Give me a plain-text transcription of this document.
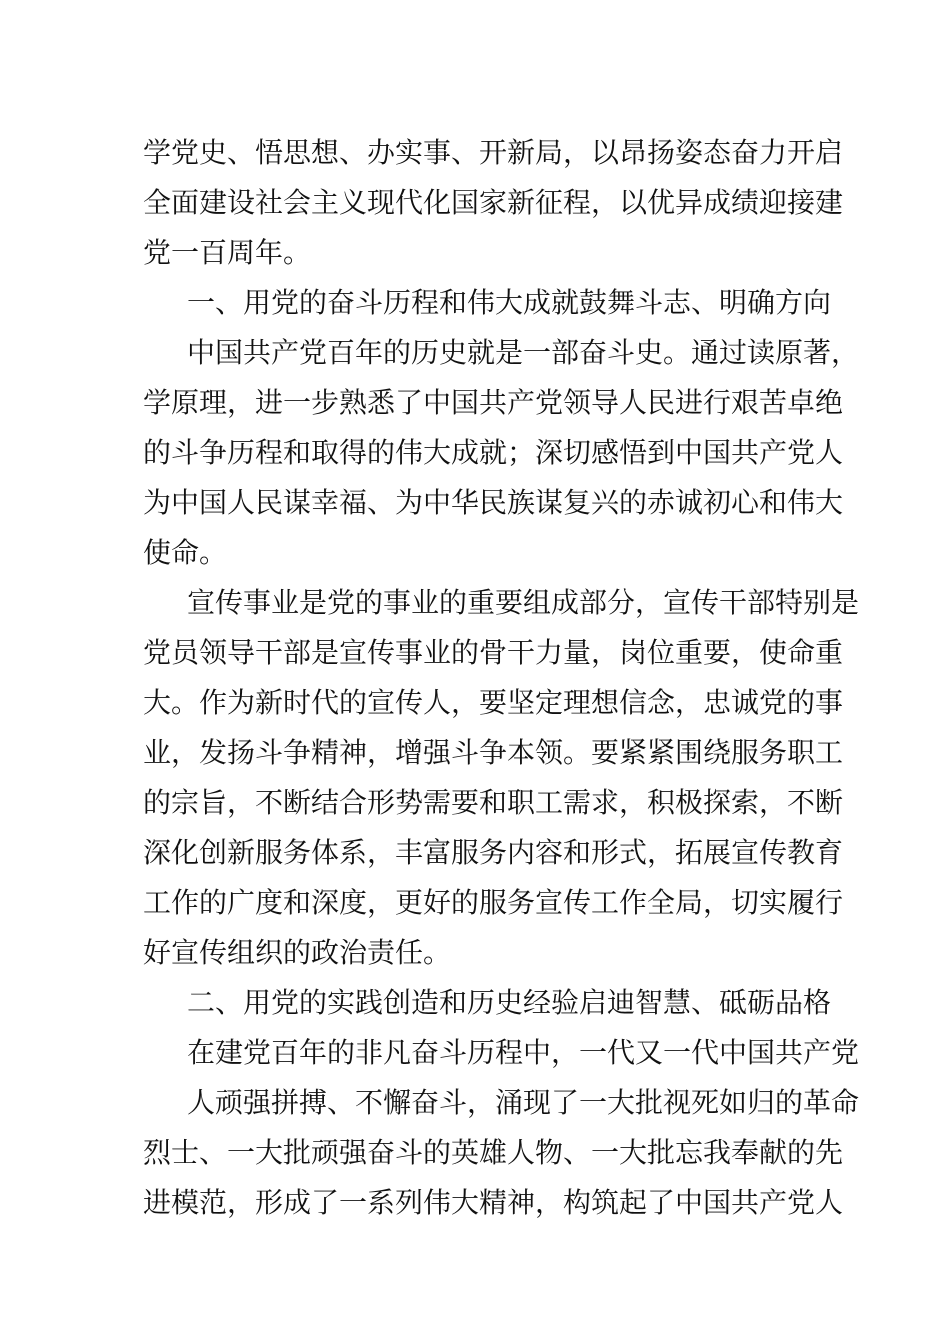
学党史、悟思想、办实事、开新局，以昂扬姿态奋力开启
全面建设社会主义现代化国家新征程，以优异成绩迎接建
党一百周年。
一、用党的奋斗历程和伟大成就鼓舞斗志、明确方向
中国共产党百年的历史就是一部奋斗史。通过读原著，
学原理，进一步熟悉了中国共产党领导人民进行艰苦卓绝
的斗争历程和取得的伟大成就；深切感悟到中国共产党人
为中国人民谋幸福、为中华民族谋复兴的赤诚初心和伟大
使命。
宣传事业是党的事业的重要组成部分，宣传干部特别是
党员领导干部是宣传事业的骨干力量，岗位重要，使命重
大。作为新时代的宣传人，要坚定理想信念，忠诚党的事
业，发扬斗争精神，增强斗争本领。要紧紧围绕服务职工
的宗旨，不断结合形势需要和职工需求，积极探索，不断
深化创新服务体系，丰富服务内容和形式，拓展宣传教育
工作的广度和深度，更好的服务宣传工作全局，切实履行
好宣传组织的政治责任。
二、用党的实践创造和历史经验启迪智慧、砥砺品格
在建党百年的非凡奋斗历程中，一代又一代中国共产党
人顽强拼搏、不懈奋斗，涌现了一大批视死如归的革命
烈士、一大批顽强奋斗的英雄人物、一大批忘我奉献的先
进模范，形成了一系列伟大精神，构筑起了中国共产党人
